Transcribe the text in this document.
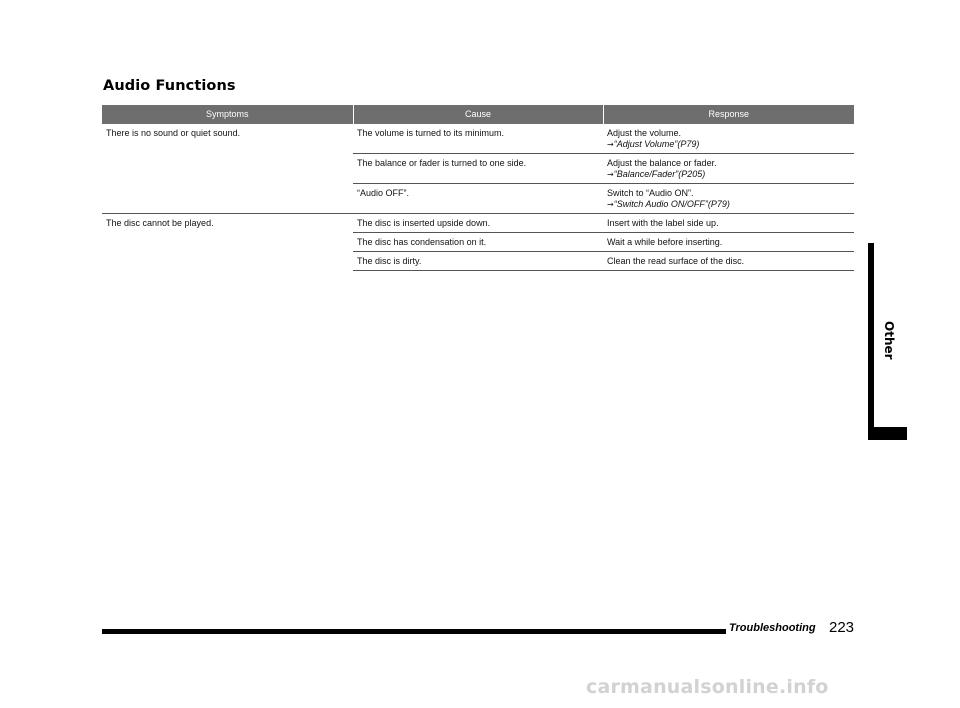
Audio Functions
Symptoms	Cause	Response
There is no sound or quiet sound.	The volume is turned to its minimum.	Adjust the volume.
→“Adjust Volume”(P79)

	The balance or fader is turned to one side.	Adjust the balance or fader.
→“Balance/Fader”(P205)

	“Audio OFF”.	Switch to “Audio ON”.
→“Switch Audio ON/OFF”(P79)

The disc cannot be played.	The disc is inserted upside down.	Insert with the label side up.
	The disc has condensation on it.	Wait a while before inserting.
	The disc is dirty.	Clean the read surface of the disc.
Other
Troubleshooting 223
carmanualsonline.info
